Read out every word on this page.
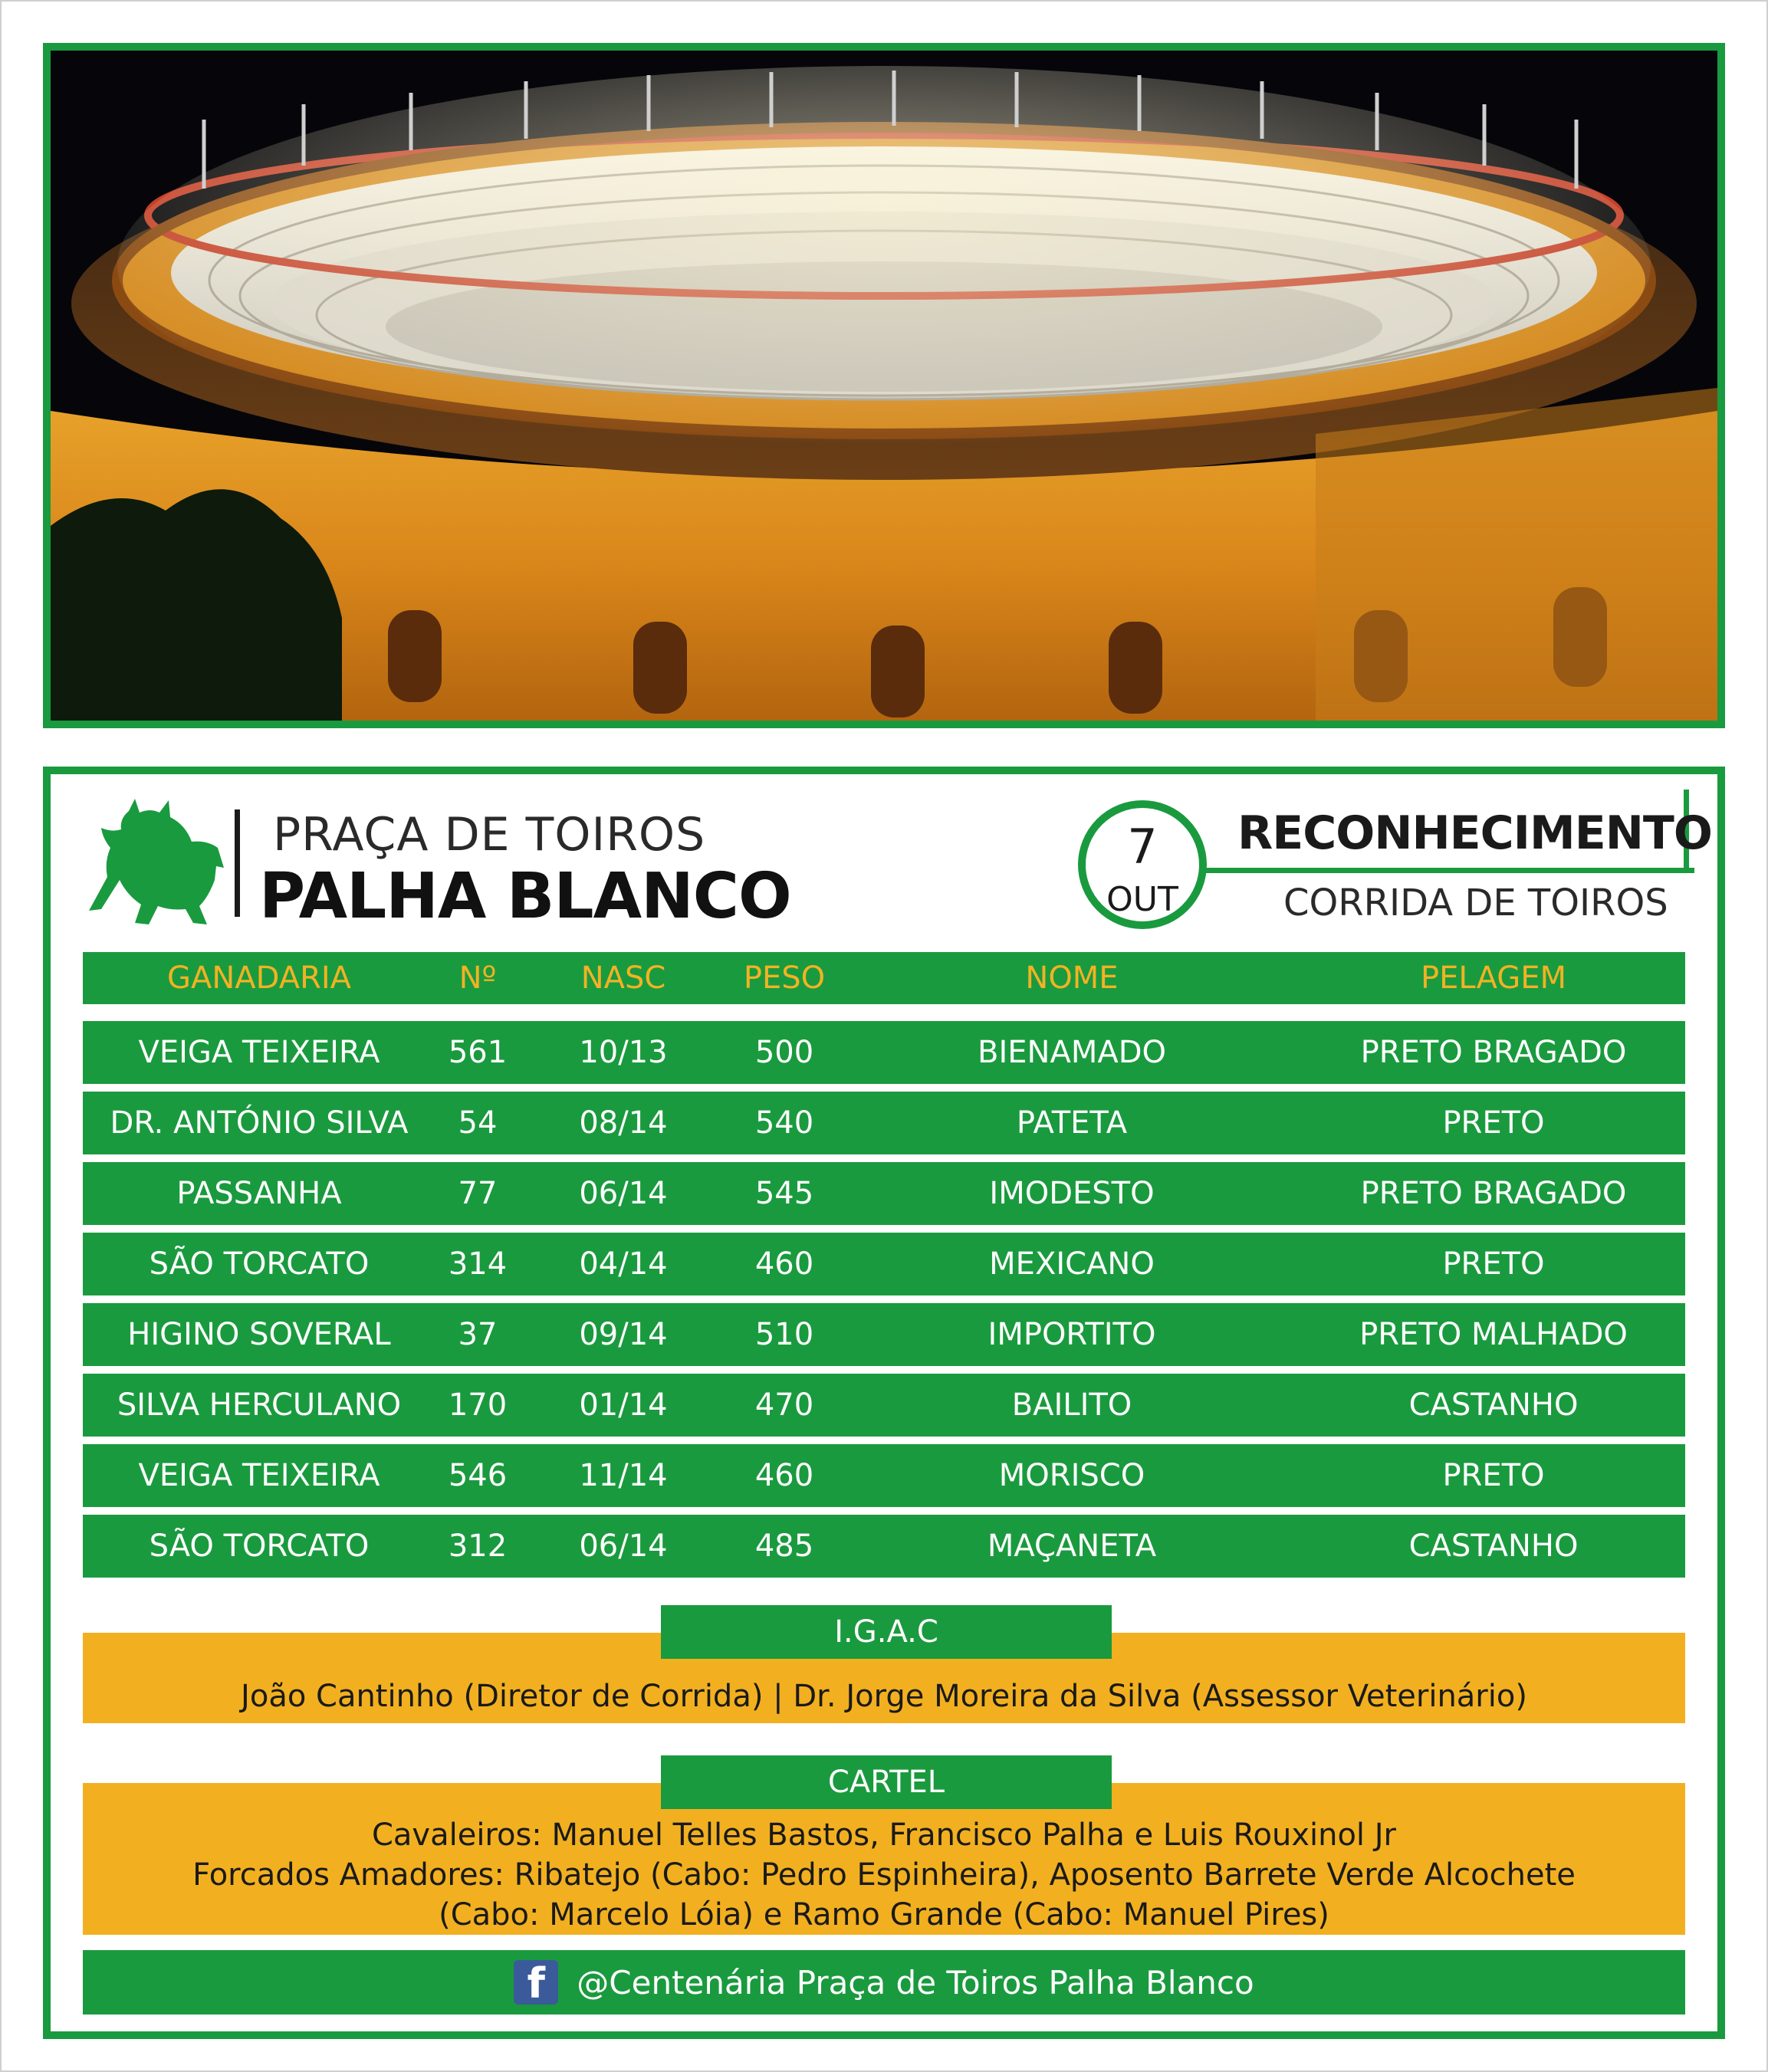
PRAÇA DE TOIROS
PALHA BLANCO
7
OUT
RECONHECIMENTO
CORRIDA DE TOIROS
GANADARIA	Nº	NASC	PESO	NOME	PELAGEM
VEIGA TEIXEIRA	561	10/13	500	BIENAMADO	PRETO BRAGADO
DR. ANTÓNIO SILVA	54	08/14	540	PATETA	PRETO
PASSANHA	77	06/14	545	IMODESTO	PRETO BRAGADO
SÃO TORCATO	314	04/14	460	MEXICANO	PRETO
HIGINO SOVERAL	37	09/14	510	IMPORTITO	PRETO MALHADO
SILVA HERCULANO	170	01/14	470	BAILITO	CASTANHO
VEIGA TEIXEIRA	546	11/14	460	MORISCO	PRETO
SÃO TORCATO	312	06/14	485	MAÇANETA	CASTANHO
João Cantinho (Diretor de Corrida) | Dr. Jorge Moreira da Silva (Assessor Veterinário)
I.G.A.C
Cavaleiros: Manuel Telles Bastos, Francisco Palha e Luis Rouxinol Jr
Forcados Amadores: Ribatejo (Cabo: Pedro Espinheira), Aposento Barrete Verde Alcochete
(Cabo: Marcelo Lóia) e Ramo Grande (Cabo: Manuel Pires)
CARTEL
f @Centenária Praça de Toiros Palha Blanco
